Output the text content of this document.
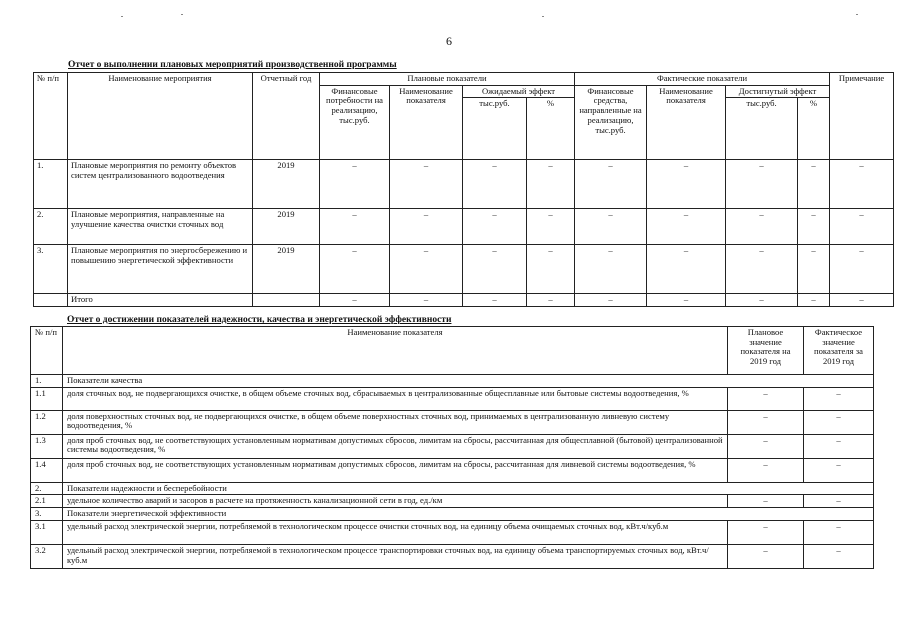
6
Отчет о выполнении плановых мероприятий производственной программы
№ п/п	Наименование мероприятия	Отчетный год	Плановые показатели				Фактические показатели				Примечание
			Финансовые потребности на реализацию, тыс.руб.	Наименование показателя	Ожидаемый эффект		Финансовые средства, направленные на реализацию, тыс.руб.	Наименование показателя	Достигнутый эффект		
					тыс.руб.	%			тыс.руб.	%	
1.	Плановые мероприятия по ремонту объектов систем централизованного водоотведения	2019	–	–	–	–	–	–	–	–	–
2.	Плановые мероприятия, направленные на улучшение качества очистки сточных вод	2019	–	–	–	–	–	–	–	–	–
3.	Плановые мероприятия по энергосбережению и повышению энергетической эффективности	2019	–	–	–	–	–	–	–	–	–
	Итого		–	–	–	–	–	–	–	–	–
Отчет о достижении показателей надежности, качества и энергетической эффективности
№ п/п	Наименование показателя	Плановое значение показателя на 2019 год	Фактическое значение показателя за 2019 год
1.	Показатели качества		
1.1	доля сточных вод, не подвергающихся очистке, в общем объеме сточных вод, сбрасываемых в централизованные общесплавные или бытовые системы водоотведения, %	–	–
1.2	доля поверхностных сточных вод, не подвергающихся очистке, в общем объеме поверхностных сточных вод, принимаемых в централизованную ливневую систему водоотведения, %	–	–
1.3	доля проб сточных вод, не соответствующих установленным нормативам допустимых сбросов, лимитам на сбросы, рассчитанная для общесплавной (бытовой) централизованной системы водоотведения, %	–	–
1.4	доля проб сточных вод, не соответствующих установленным нормативам допустимых сбросов, лимитам на сбросы, рассчитанная для ливневой системы водоотведения, %	–	–
2.	Показатели надежности и бесперебойности		
2.1	удельное количество аварий и засоров в расчете на протяженность канализационной сети в год, ед./км	–	–
3.	Показатели энергетической эффективности		
3.1	удельный расход электрической энергии, потребляемой в технологическом процессе очистки сточных вод, на единицу объема очищаемых сточных вод, кВт.ч/куб.м	–	–
3.2	удельный расход электрической энергии, потребляемой в технологическом процессе транспортировки сточных вод, на единицу объема транспортируемых сточных вод, кВт.ч/куб.м	–	–
